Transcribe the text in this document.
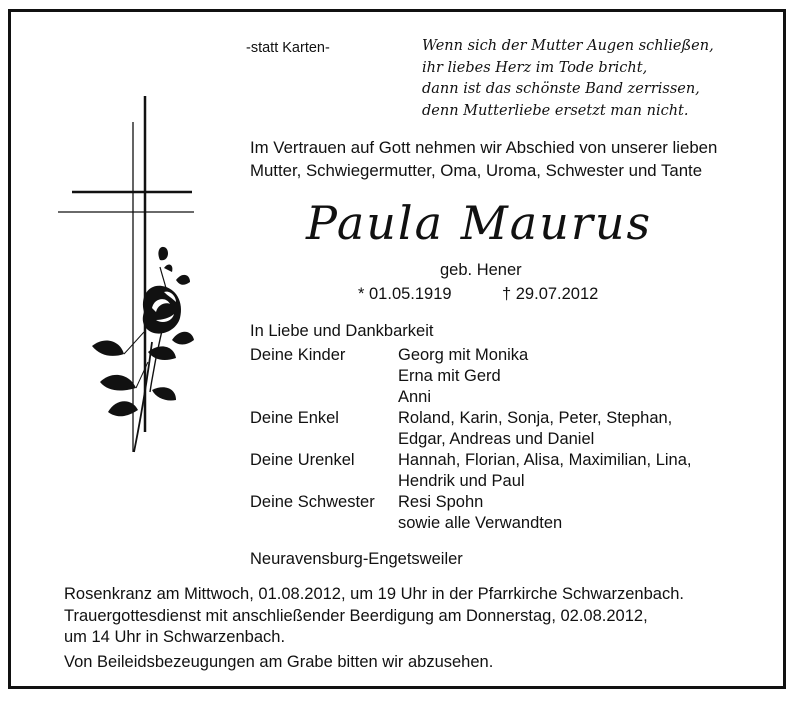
-statt Karten-	Wenn sich der Mutter Augen schließen,
ihr liebes Herz im Tode bricht,
dann ist das schönste Band zerrissen,
denn Mutterliebe ersetzt man nicht.
Im Vertrauen auf Gott nehmen wir Abschied von unserer lieben
Mutter, Schwiegermutter, Oma, Uroma, Schwester und Tante
Paula Maurus
geb. Hener
* 01.05.1919	† 29.07.2012
In Liebe und Dankbarkeit
Deine Kinder	Georg mit Monika
Erna mit Gerd
Anni
Deine Enkel	Roland, Karin, Sonja, Peter, Stephan,
Edgar, Andreas und Daniel
Deine Urenkel	Hannah, Florian, Alisa, Maximilian, Lina,
Hendrik und Paul
Deine Schwester Resi Spohn
sowie alle Verwandten
Neuravensburg-Engetsweiler
Rosenkranz am Mittwoch, 01.08.2012, um 19 Uhr in der Pfarrkirche Schwarzenbach.
Trauergottesdienst mit anschließender Beerdigung am Donnerstag, 02.08.2012,
um 14 Uhr in Schwarzenbach.
Von Beileidsbezeugungen am Grabe bitten wir abzusehen.
